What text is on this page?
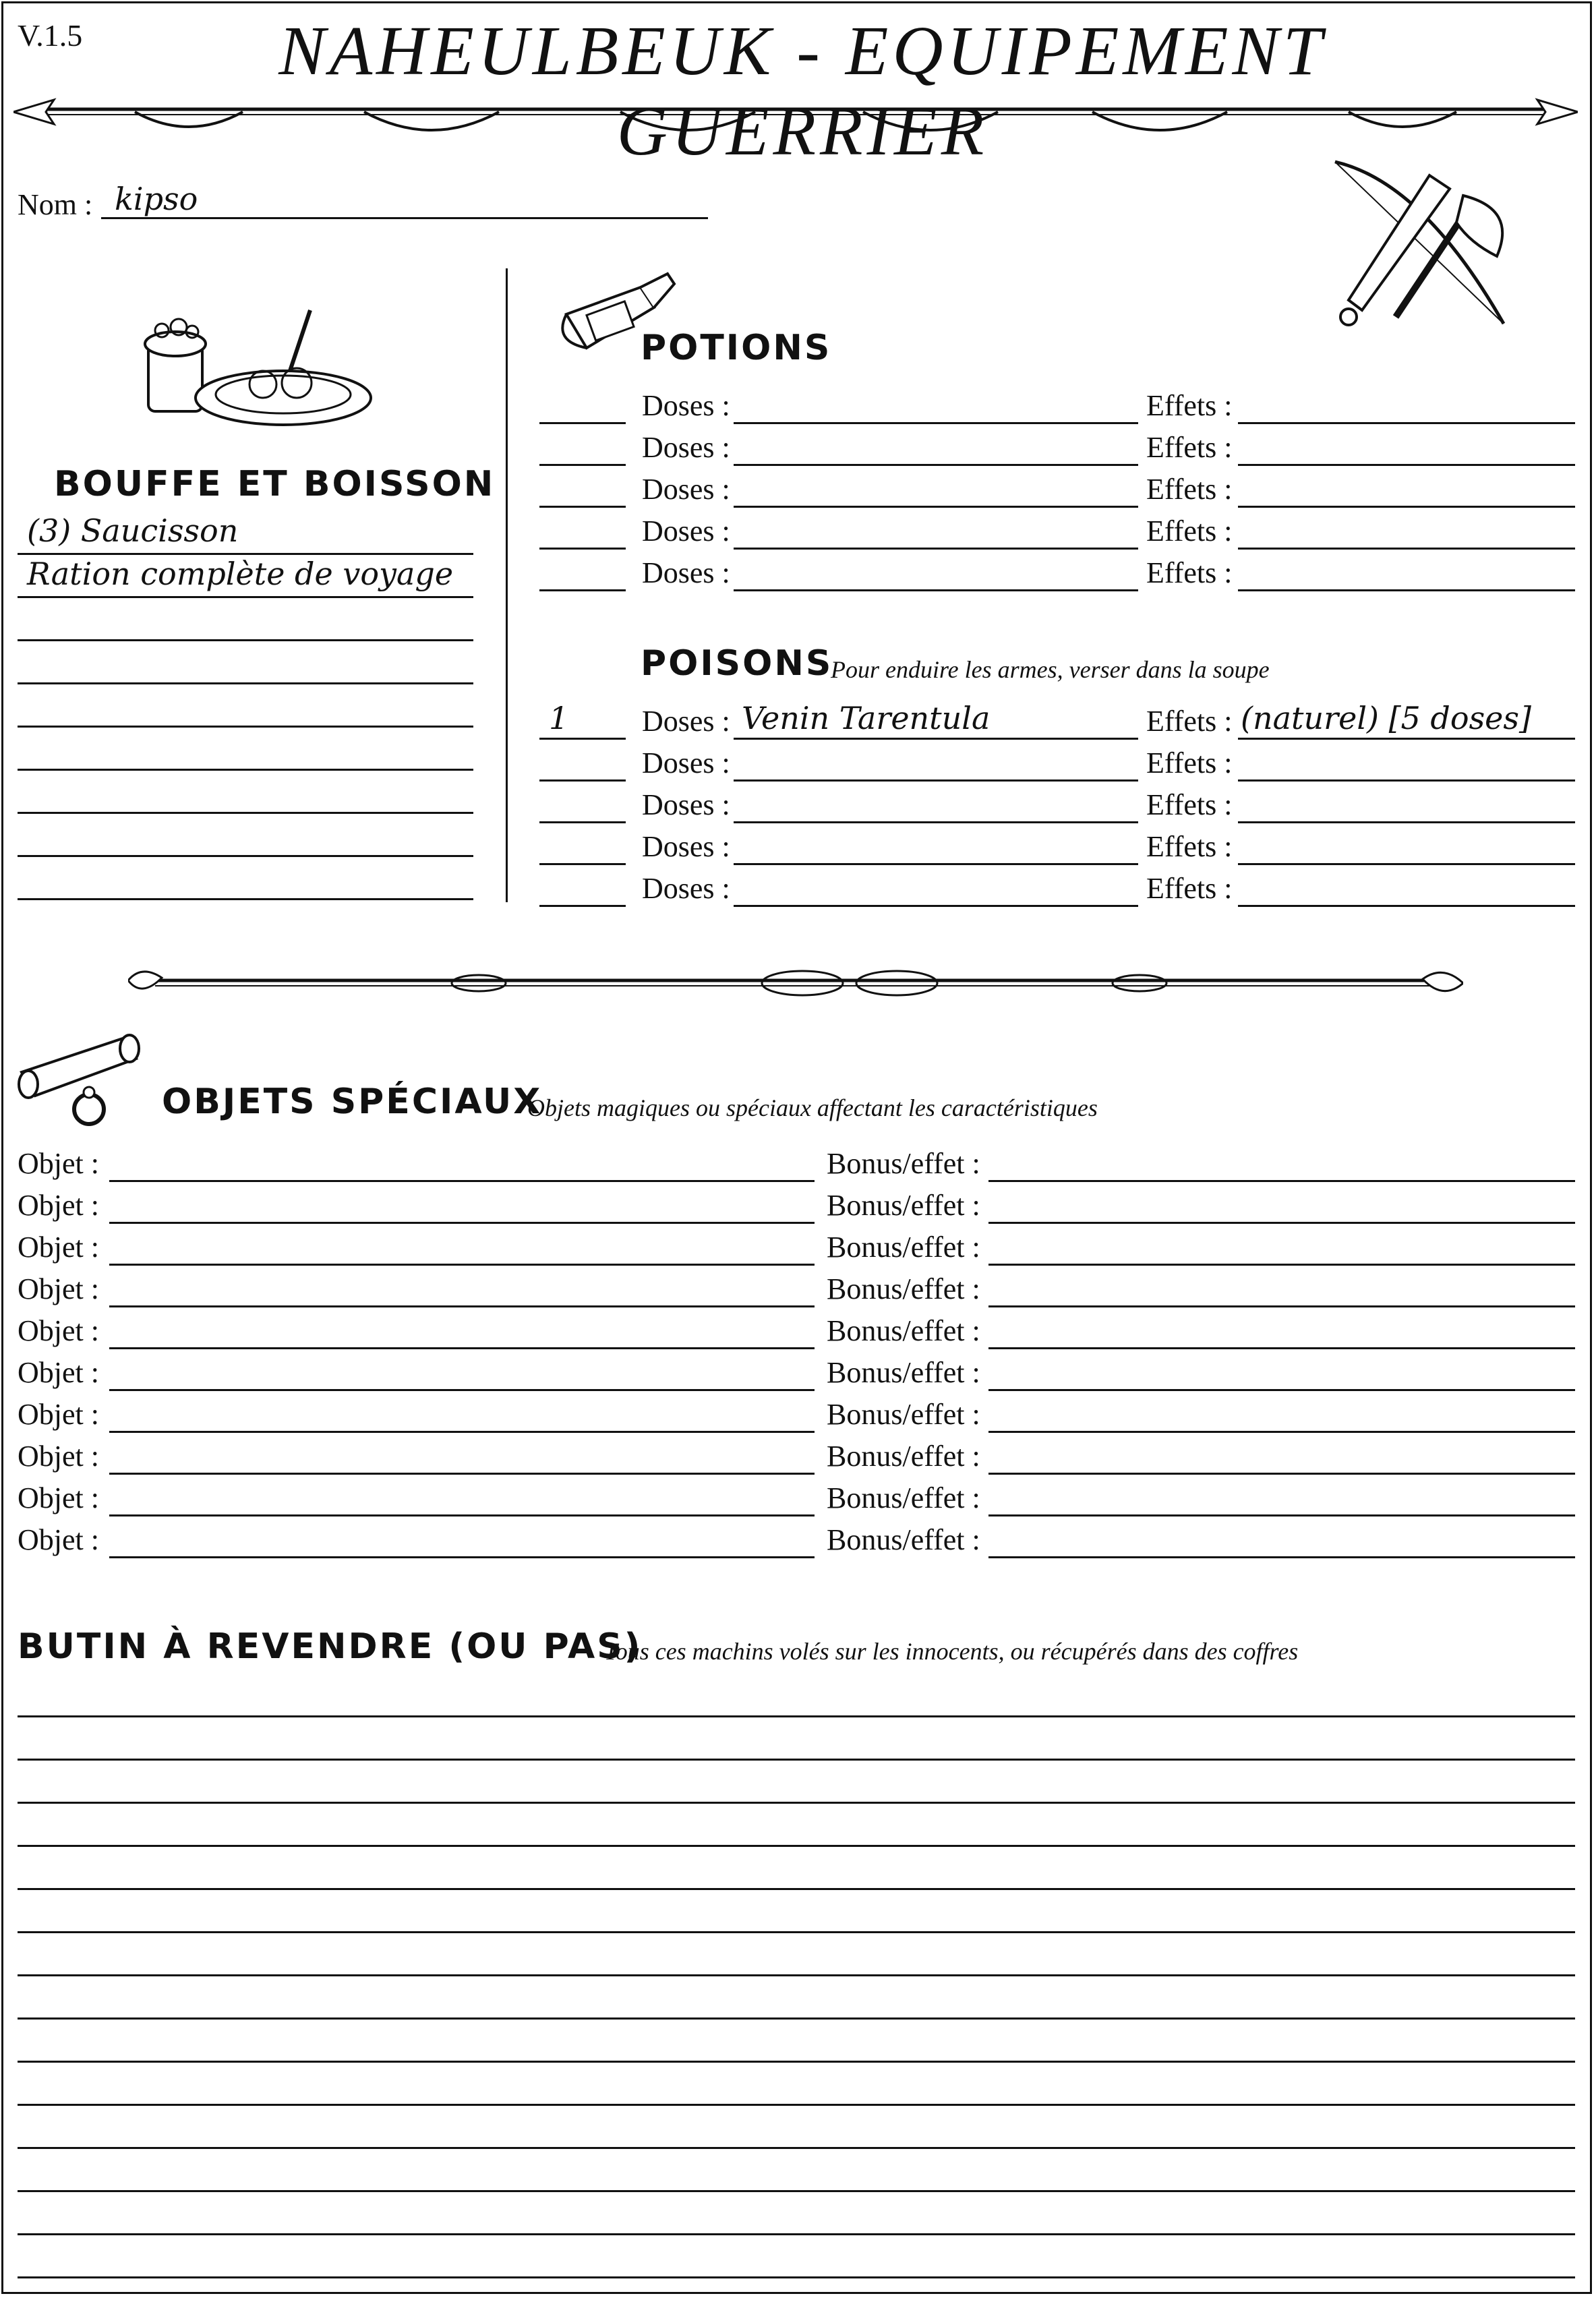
V.1.5	NAHEULBEUK - EQUIPEMENT GUERRIER
Nom : kipso
BOUFFE ET BOISSON
(3) Saucisson
Ration complète de voyage
POTIONS
Doses :	Effets :
Doses :	Effets :
Doses :	Effets :
Doses :	Effets :
Doses :	Effets :
POISONS
Pour enduire les armes, verser dans la soupe
1 Doses : Venin Tarentula	Effets : (naturel) [5 doses]
Doses :	Effets :
Doses :	Effets :
Doses :	Effets :
Doses :	Effets :
OBJETS SPÉCIAUX
Objets magiques ou spéciaux affectant les caractéristiques
Objet :	Bonus/effet :
Objet :	Bonus/effet :
Objet :	Bonus/effet :
Objet :	Bonus/effet :
Objet :	Bonus/effet :
Objet :	Bonus/effet :
Objet :	Bonus/effet :
Objet :	Bonus/effet :
Objet :	Bonus/effet :
Objet :	Bonus/effet :
BUTIN À REVENDRE (OU PAS)
Tous ces machins volés sur les innocents, ou récupérés dans des coffres
